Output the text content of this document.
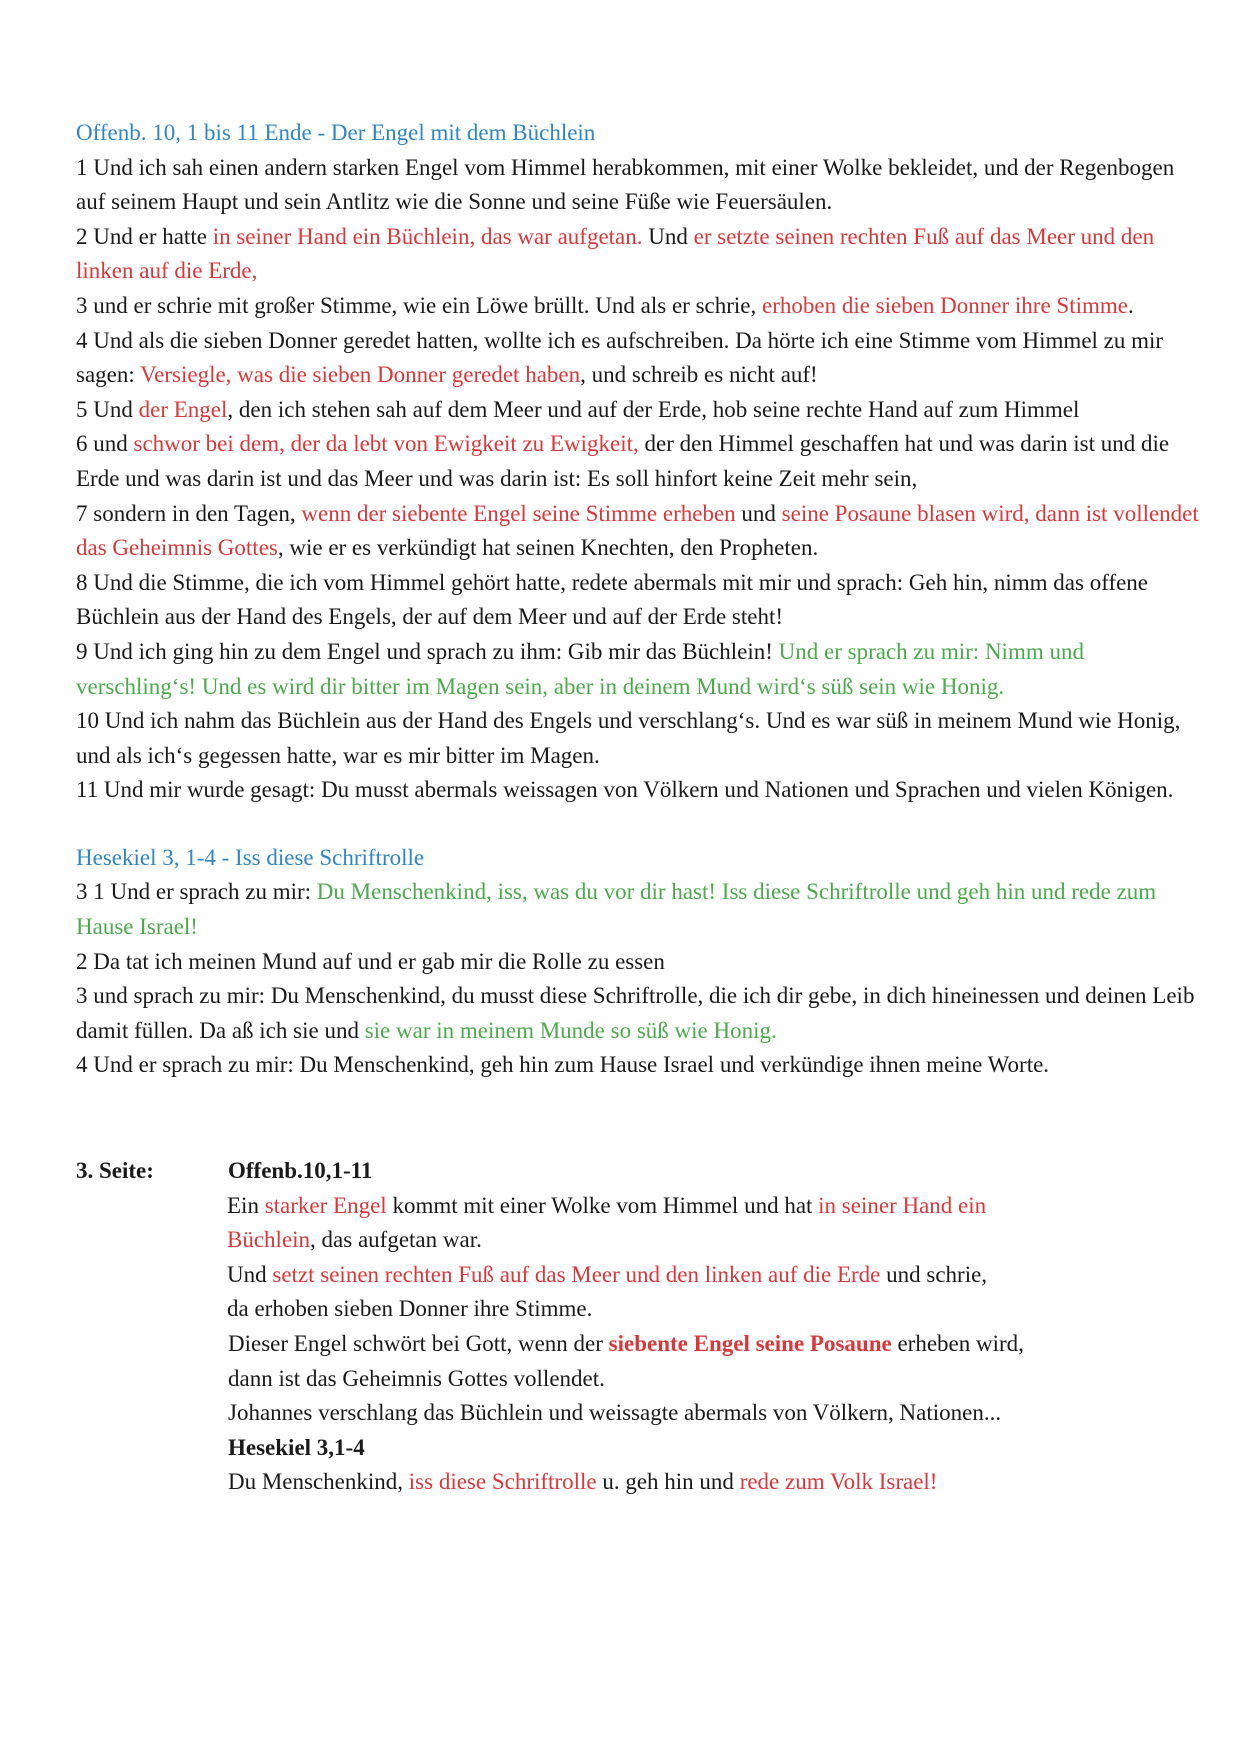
Offenb. 10, 1 bis 11 Ende - Der Engel mit dem Büchlein

1 Und ich sah einen andern starken Engel vom Himmel herabkommen, mit einer Wolke bekleidet, und der Regenbogen auf seinem Haupt und sein Antlitz wie die Sonne und seine Füße wie Feuersäulen.

2 Und er hatte in seiner Hand ein Büchlein, das war aufgetan. Und er setzte seinen rechten Fuß auf das Meer und den linken auf die Erde,

3 und er schrie mit großer Stimme, wie ein Löwe brüllt. Und als er schrie, erhoben die sieben Donner ihre Stimme.

4 Und als die sieben Donner geredet hatten, wollte ich es aufschreiben. Da hörte ich eine Stimme vom Himmel zu mir sagen: Versiegle, was die sieben Donner geredet haben, und schreib es nicht auf!

5 Und der Engel, den ich stehen sah auf dem Meer und auf der Erde, hob seine rechte Hand auf zum Himmel

6 und schwor bei dem, der da lebt von Ewigkeit zu Ewigkeit, der den Himmel geschaffen hat und was darin ist und die Erde und was darin ist und das Meer und was darin ist: Es soll hinfort keine Zeit mehr sein,

7 sondern in den Tagen, wenn der siebente Engel seine Stimme erheben und seine Posaune blasen wird, dann ist vollendet das Geheimnis Gottes, wie er es verkündigt hat seinen Knechten, den Propheten.

8 Und die Stimme, die ich vom Himmel gehört hatte, redete abermals mit mir und sprach: Geh hin, nimm das offene Büchlein aus der Hand des Engels, der auf dem Meer und auf der Erde steht!

9 Und ich ging hin zu dem Engel und sprach zu ihm: Gib mir das Büchlein! Und er sprach zu mir: Nimm und verschling‘s! Und es wird dir bitter im Magen sein, aber in deinem Mund wird‘s süß sein wie Honig.

10 Und ich nahm das Büchlein aus der Hand des Engels und verschlang‘s. Und es war süß in meinem Mund wie Honig, und als ich‘s gegessen hatte, war es mir bitter im Magen.

11 Und mir wurde gesagt: Du musst abermals weissagen von Völkern und Nationen und Sprachen und vielen Königen.

Hesekiel 3, 1-4 - Iss diese Schriftrolle

3 1 Und er sprach zu mir: Du Menschenkind, iss, was du vor dir hast! Iss diese Schriftrolle und geh hin und rede zum Hause Israel!

2 Da tat ich meinen Mund auf und er gab mir die Rolle zu essen

3 und sprach zu mir: Du Menschenkind, du musst diese Schriftrolle, die ich dir gebe, in dich hineinessen und deinen Leib damit füllen. Da aß ich sie und sie war in meinem Munde so süß wie Honig.

4 Und er sprach zu mir: Du Menschenkind, geh hin zum Hause Israel und verkündige ihnen meine Worte.

3. Seite:	Offenb.10,1-11

Ein starker Engel kommt mit einer Wolke vom Himmel und hat in seiner Hand ein

Büchlein, das aufgetan war.

Und setzt seinen rechten Fuß auf das Meer und den linken auf die Erde und schrie,

da erhoben sieben Donner ihre Stimme.

Dieser Engel schwört bei Gott, wenn der siebente Engel seine Posaune erheben wird,

dann ist das Geheimnis Gottes vollendet.

Johannes verschlang das Büchlein und weissagte abermals von Völkern, Nationen...

Hesekiel 3,1-4

Du Menschenkind, iss diese Schriftrolle u. geh hin und rede zum Volk Israel!
